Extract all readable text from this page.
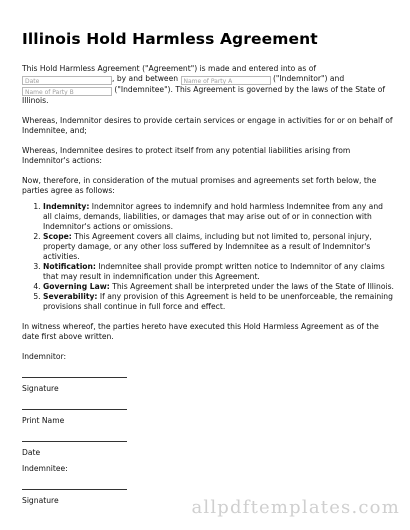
Illinois Hold Harmless Agreement

This Hold Harmless Agreement ("Agreement") is made and entered into as of Date	, by and between Name of Party A	("Indemnitor") and Name of Party B	("Indemnitee"). This Agreement is governed by the laws of the State of Illinois.

Whereas, Indemnitor desires to provide certain services or engage in activities for or on behalf of Indemnitee, and;

Whereas, Indemnitee desires to protect itself from any potential liabilities arising from Indemnitor's actions:

Now, therefore, in consideration of the mutual promises and agreements set forth below, the parties agree as follows:

1. Indemnity: Indemnitor agrees to indemnify and hold harmless Indemnitee from any and all claims, demands, liabilities, or damages that may arise out of or in connection with Indemnitor's actions or omissions.
2. Scope: This Agreement covers all claims, including but not limited to, personal injury, property damage, or any other loss suffered by Indemnitee as a result of Indemnitor's activities.
3. Notification: Indemnitee shall provide prompt written notice to Indemnitor of any claims that may result in indemnification under this Agreement.
4. Governing Law: This Agreement shall be interpreted under the laws of the State of Illinois.
5. Severability: If any provision of this Agreement is held to be unenforceable, the remaining provisions shall continue in full force and effect.

In witness whereof, the parties hereto have executed this Hold Harmless Agreement as of the date first above written.

Indemnitor:

Signature

Print Name

Date

Indemnitee:

Signature	allpdftemplates.com
